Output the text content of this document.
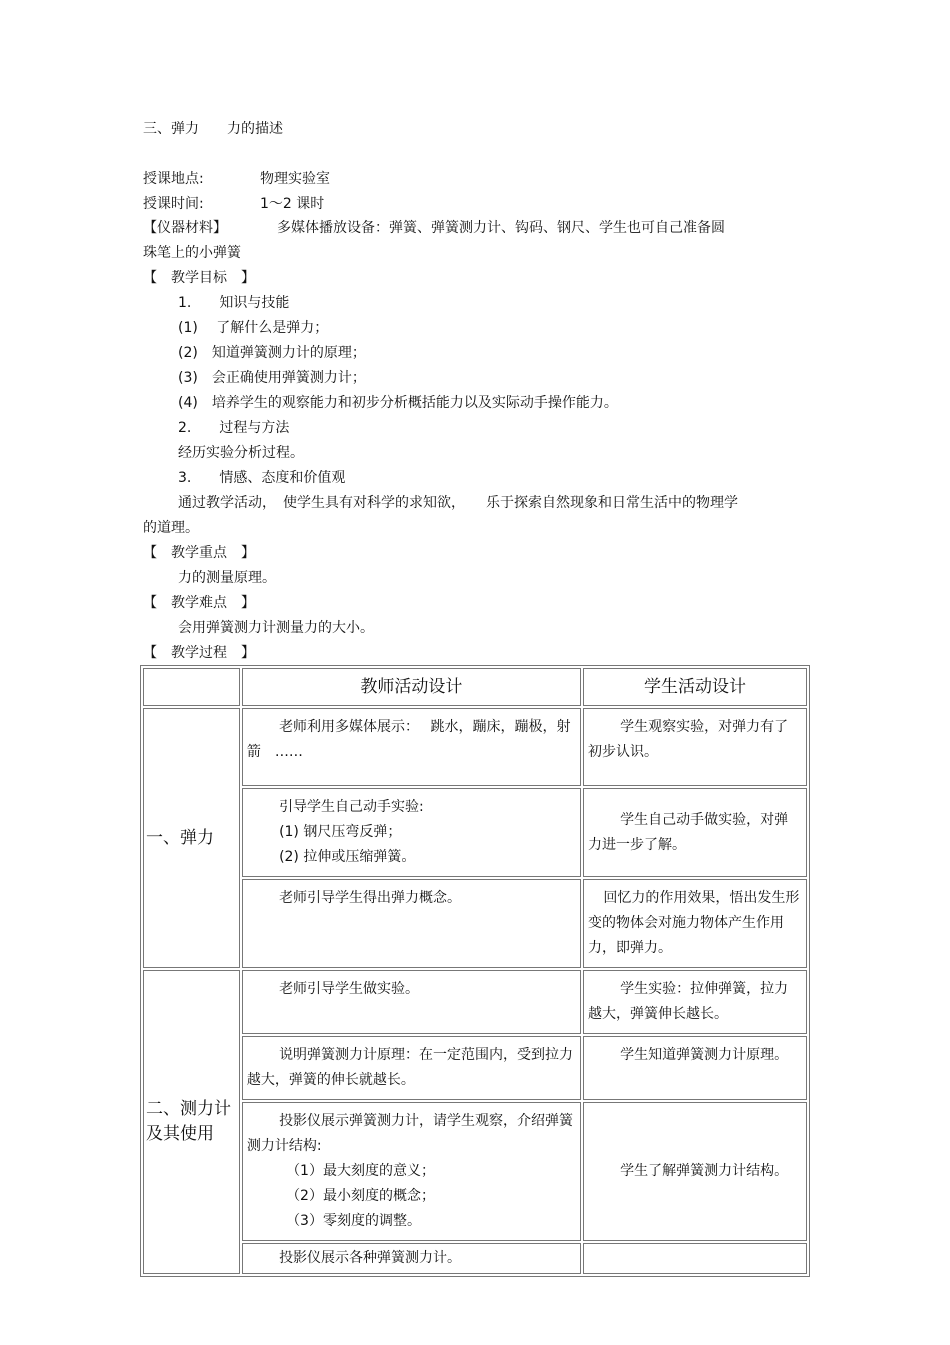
三、弹力　　力的描述
授课地点:	物理实验室
授课时间:	1～2 课时
【仪器材料】	多媒体播放设备：弹簧、弹簧测力计、钩码、钢尺、学生也可自己准备圆
珠笔上的小弹簧
【　教学目标　】
1.　　知识与技能
(1)　 了解什么是弹力；
(2)　知道弹簧测力计的原理；
(3)　会正确使用弹簧测力计；
(4)　培养学生的观察能力和初步分析概括能力以及实际动手操作能力。
2.　　过程与方法
经历实验分析过程。
3.　　情感、态度和价值观
通过教学活动，　使学生具有对科学的求知欲，　　乐于探索自然现象和日常生活中的物理学
的道理。
【　教学重点　】
力的测量原理。
【　教学难点　】
会用弹簧测力计测量力的大小。
【　教学过程　】
	教师活动设计	学生活动设计
一、弹力	老师利用多媒体展示：　 跳水，蹦床，蹦极，射箭　……	学生观察实验，对弹力有了初步认识。

	引导学生自己动手实验:
(1) 钢尺压弯反弹；
(2) 拉伸或压缩弹簧。	学生自己动手做实验，对弹力进一步了解。

	老师引导学生得出弹力概念。	回忆力的作用效果，悟出发生形变的物体会对施力物体产生作用力，即弹力。

二、测力计
及其使用	老师引导学生做实验。	学生实验：拉伸弹簧，拉力越大，弹簧伸长越长。

	说明弹簧测力计原理：在一定范围内，受到拉力越大，弹簧的伸长就越长。	学生知道弹簧测力计原理。

	投影仪展示弹簧测力计，请学生观察，介绍弹簧测力计结构:
（1）最大刻度的意义；
（2）最小刻度的概念；
（3）零刻度的调整。	学生了解弹簧测力计结构。

	投影仪展示各种弹簧测力计。	
